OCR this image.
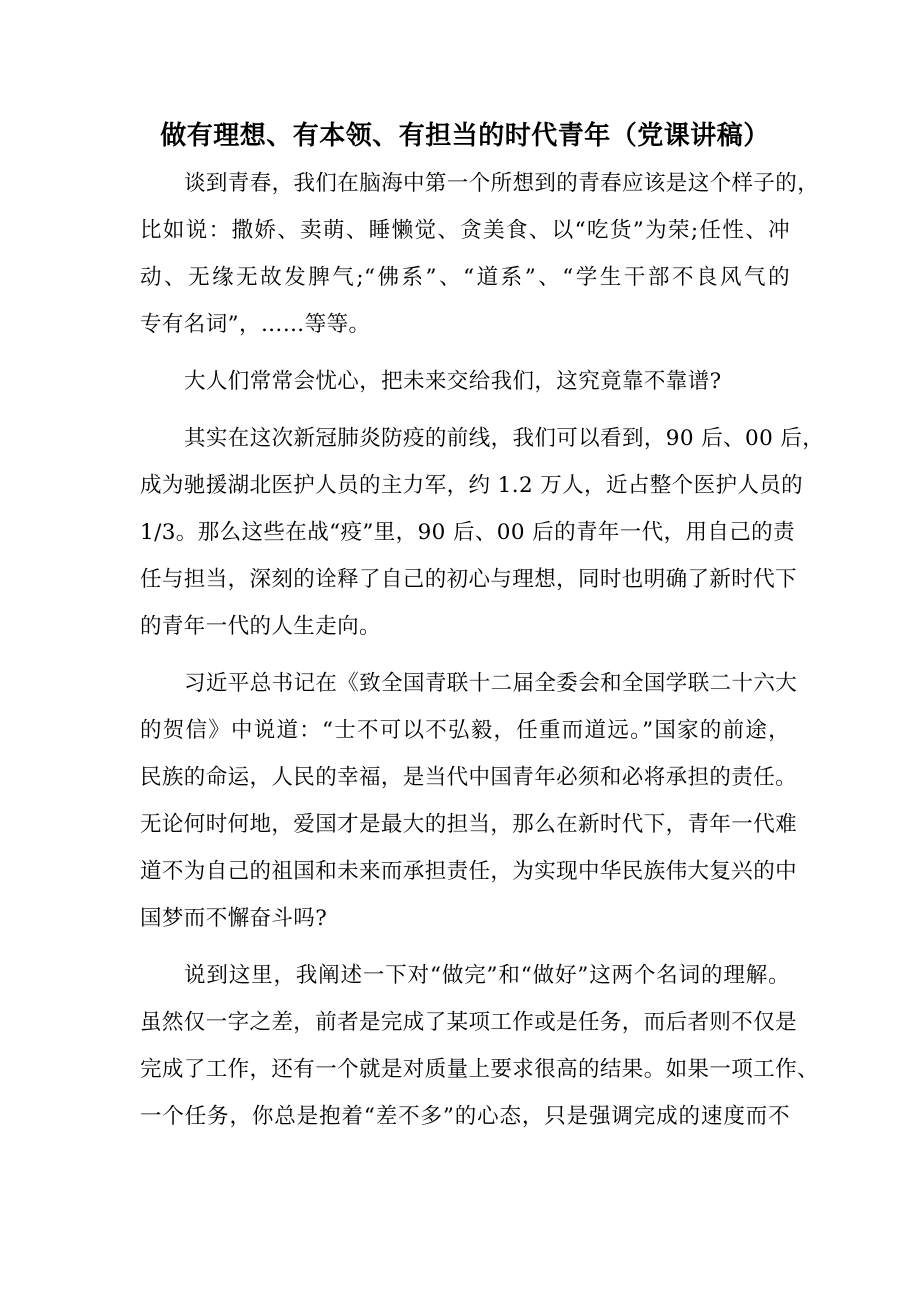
做有理想、有本领、有担当的时代青年（党课讲稿）
谈到青春，我们在脑海中第一个所想到的青春应该是这个样子的，
比如说：撒娇、卖萌、睡懒觉、贪美食、以“吃货”为荣;任性、冲
动、无缘无故发脾气;“佛系”、“道系”、“学生干部不良风气的
专有名词”，……等等。
大人们常常会忧心，把未来交给我们，这究竟靠不靠谱?
其实在这次新冠肺炎防疫的前线，我们可以看到，90 后、00 后，
成为驰援湖北医护人员的主力军，约 1.2 万人，近占整个医护人员的
1/3。那么这些在战“疫”里，90 后、00 后的青年一代，用自己的责
任与担当，深刻的诠释了自己的初心与理想，同时也明确了新时代下
的青年一代的人生走向。
习近平总书记在《致全国青联十二届全委会和全国学联二十六大
的贺信》中说道：“士不可以不弘毅，任重而道远。”国家的前途，
民族的命运，人民的幸福，是当代中国青年必须和必将承担的责任。
无论何时何地，爱国才是最大的担当，那么在新时代下，青年一代难
道不为自己的祖国和未来而承担责任，为实现中华民族伟大复兴的中
国梦而不懈奋斗吗?
说到这里，我阐述一下对“做完”和“做好”这两个名词的理解。
虽然仅一字之差，前者是完成了某项工作或是任务，而后者则不仅是
完成了工作，还有一个就是对质量上要求很高的结果。如果一项工作、
一个任务，你总是抱着“差不多”的心态，只是强调完成的速度而不
